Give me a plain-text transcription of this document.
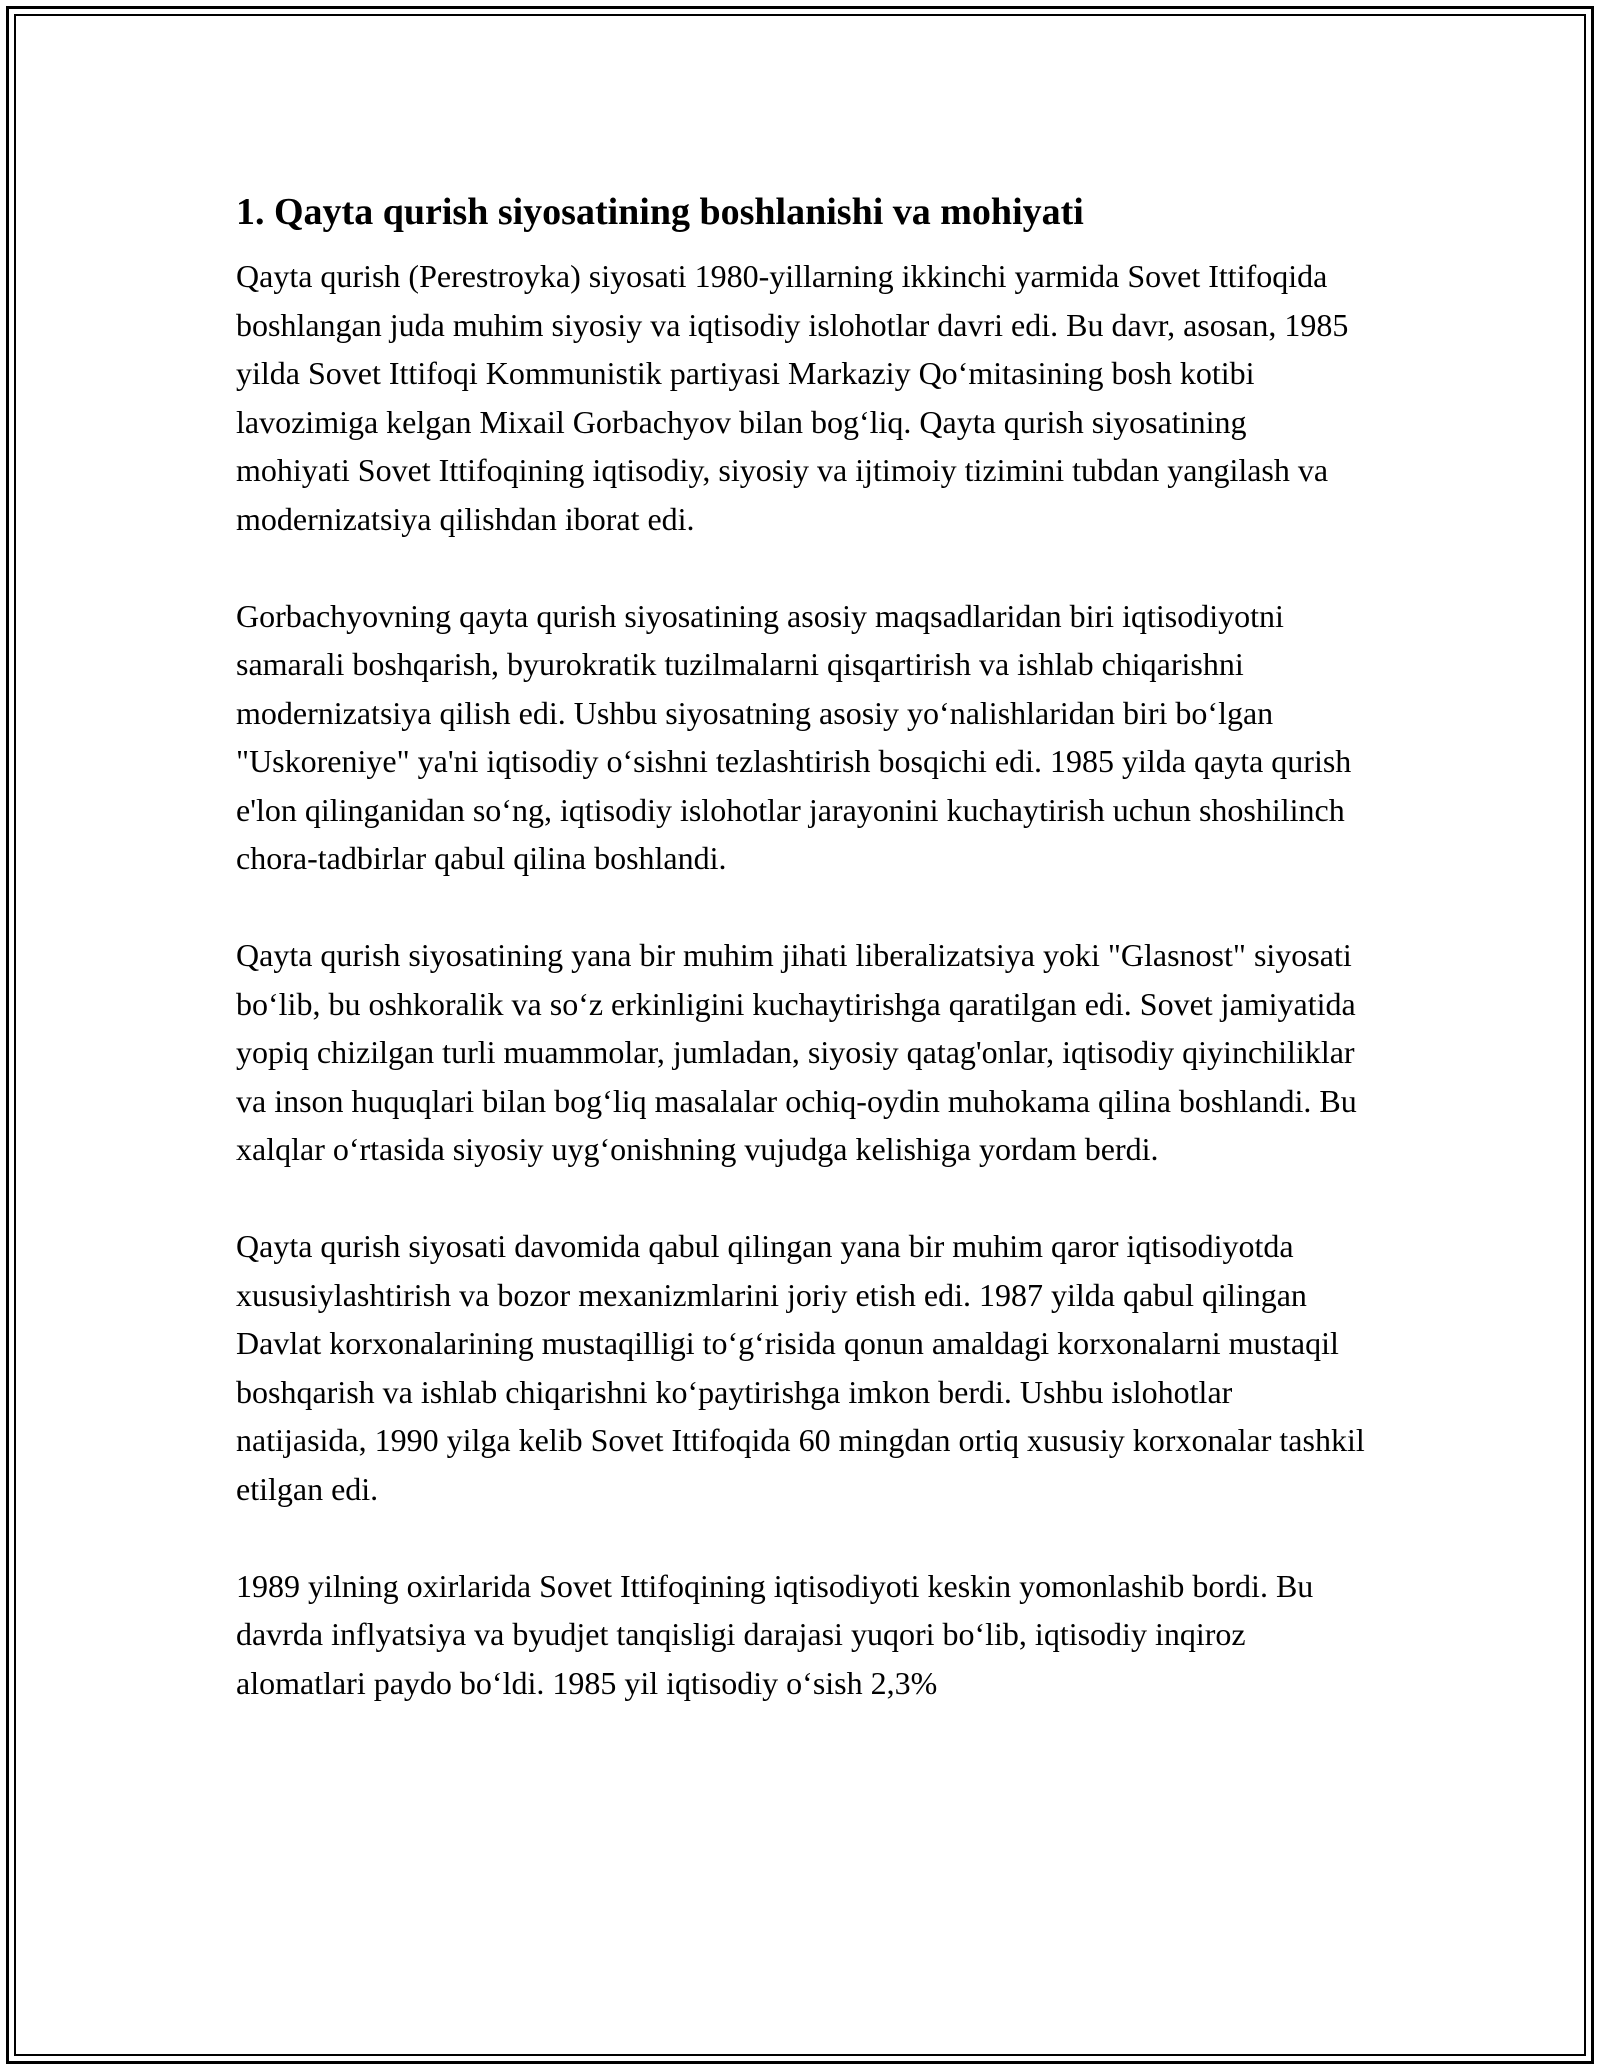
1. Qayta qurish siyosatining boshlanishi va mohiyati

Qayta qurish (Perestroyka) siyosati 1980-yillarning ikkinchi yarmida Sovet Ittifoqida boshlangan juda muhim siyosiy va iqtisodiy islohotlar davri edi. Bu davr, asosan, 1985 yilda Sovet Ittifoqi Kommunistik partiyasi Markaziy Qoʻmitasining bosh kotibi lavozimiga kelgan Mixail Gorbachyov bilan bogʻliq. Qayta qurish siyosatining mohiyati Sovet Ittifoqining iqtisodiy, siyosiy va ijtimoiy tizimini tubdan yangilash va modernizatsiya qilishdan iborat edi.

Gorbachyovning qayta qurish siyosatining asosiy maqsadlaridan biri iqtisodiyotni samarali boshqarish, byurokratik tuzilmalarni qisqartirish va ishlab chiqarishni modernizatsiya qilish edi. Ushbu siyosatning asosiy yoʻnalishlaridan biri boʻlgan "Uskoreniye" ya'ni iqtisodiy oʻsishni tezlashtirish bosqichi edi. 1985 yilda qayta qurish e'lon qilinganidan soʻng, iqtisodiy islohotlar jarayonini kuchaytirish uchun shoshilinch chora-tadbirlar qabul qilina boshlandi.

Qayta qurish siyosatining yana bir muhim jihati liberalizatsiya yoki "Glasnost" siyosati boʻlib, bu oshkoralik va soʻz erkinligini kuchaytirishga qaratilgan edi. Sovet jamiyatida yopiq chizilgan turli muammolar, jumladan, siyosiy qatag'onlar, iqtisodiy qiyinchiliklar va inson huquqlari bilan bogʻliq masalalar ochiq-oydin muhokama qilina boshlandi. Bu xalqlar oʻrtasida siyosiy uygʻonishning vujudga kelishiga yordam berdi.

Qayta qurish siyosati davomida qabul qilingan yana bir muhim qaror iqtisodiyotda xususiylashtirish va bozor mexanizmlarini joriy etish edi. 1987 yilda qabul qilingan Davlat korxonalarining mustaqilligi toʻgʻrisida qonun amaldagi korxonalarni mustaqil boshqarish va ishlab chiqarishni koʻpaytirishga imkon berdi. Ushbu islohotlar natijasida, 1990 yilga kelib Sovet Ittifoqida 60 mingdan ortiq xususiy korxonalar tashkil etilgan edi.

1989 yilning oxirlarida Sovet Ittifoqining iqtisodiyoti keskin yomonlashib bordi. Bu davrda inflyatsiya va byudjet tanqisligi darajasi yuqori boʻlib, iqtisodiy inqiroz alomatlari paydo boʻldi. 1985 yil iqtisodiy oʻsish 2,3%
